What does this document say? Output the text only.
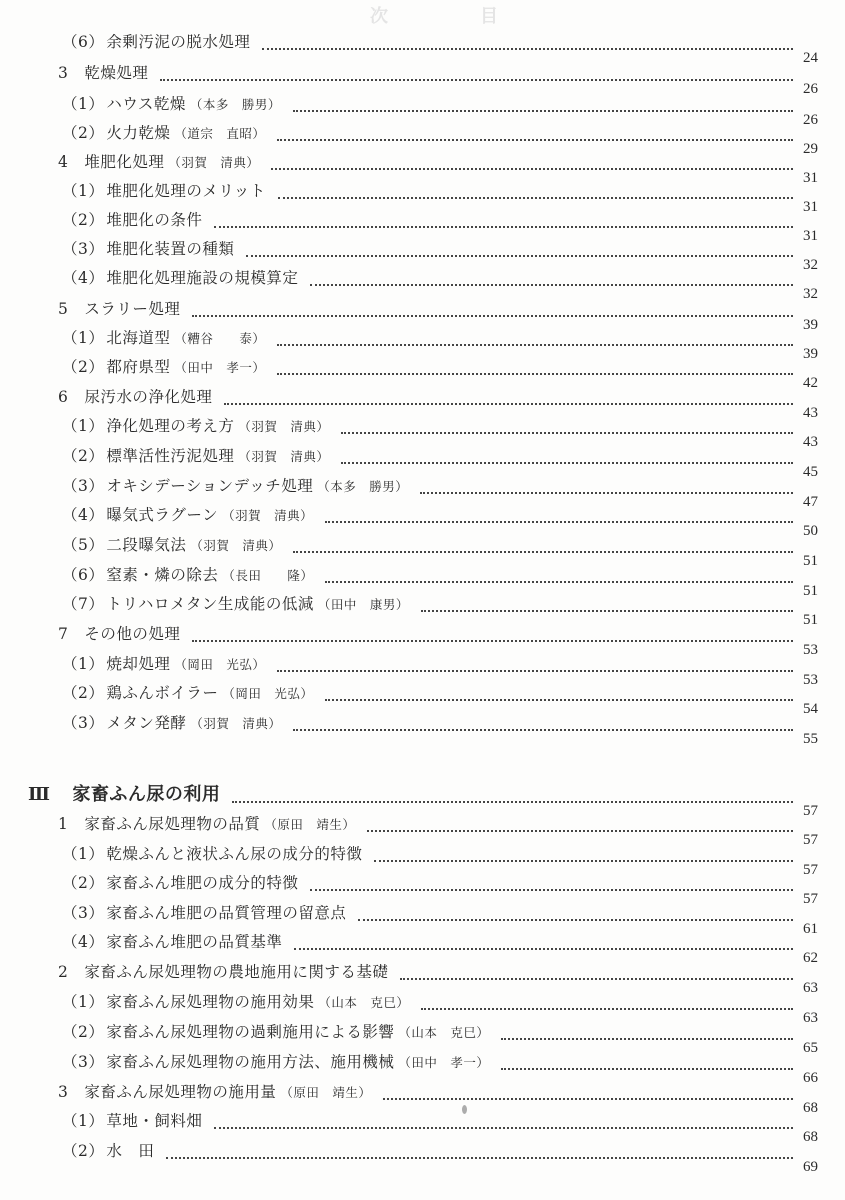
次	目
（6） 余剰汚泥の脱水処理
24
3 乾燥処理
26
（1） ハウス乾燥 （本多　勝男）
26
（2） 火力乾燥 （道宗　直昭）
29
4 堆肥化処理 （羽賀　清典）
31
（1） 堆肥化処理のメリット
31
（2） 堆肥化の条件
31
（3） 堆肥化装置の種類
32
（4） 堆肥化処理施設の規模算定
32
5 スラリー処理
39
（1） 北海道型 （糟谷　　泰）
39
（2） 都府県型 （田中　孝一）
42
6 尿汚水の浄化処理
43
（1） 浄化処理の考え方 （羽賀　清典）
43
（2） 標準活性汚泥処理 （羽賀　清典）
45
（3） オキシデーションデッチ処理 （本多　勝男）
47
（4） 曝気式ラグーン （羽賀　清典）
50
（5） 二段曝気法 （羽賀　清典）
51
（6） 窒素・燐の除去 （長田　　隆）
51
（7） トリハロメタン生成能の低減 （田中　康男）
51
7 その他の処理
53
（1） 焼却処理 （岡田　光弘）
53
（2） 鶏ふんボイラー （岡田　光弘）
54
（3） メタン発酵 （羽賀　清典）
55
Ⅲ 家畜ふん尿の利用
57
1 家畜ふん尿処理物の品質 （原田　靖生）
57
（1） 乾燥ふんと液状ふん尿の成分的特徴
57
（2） 家畜ふん堆肥の成分的特徴
57
（3） 家畜ふん堆肥の品質管理の留意点
61
（4） 家畜ふん堆肥の品質基準
62
2 家畜ふん尿処理物の農地施用に関する基礎
63
（1） 家畜ふん尿処理物の施用効果 （山本　克巳）
63
（2） 家畜ふん尿処理物の過剰施用による影響 （山本　克巳）
65
（3） 家畜ふん尿処理物の施用方法、施用機械 （田中　孝一）
66
3 家畜ふん尿処理物の施用量 （原田　靖生）
68
（1） 草地・飼料畑
68
（2） 水　田
69
